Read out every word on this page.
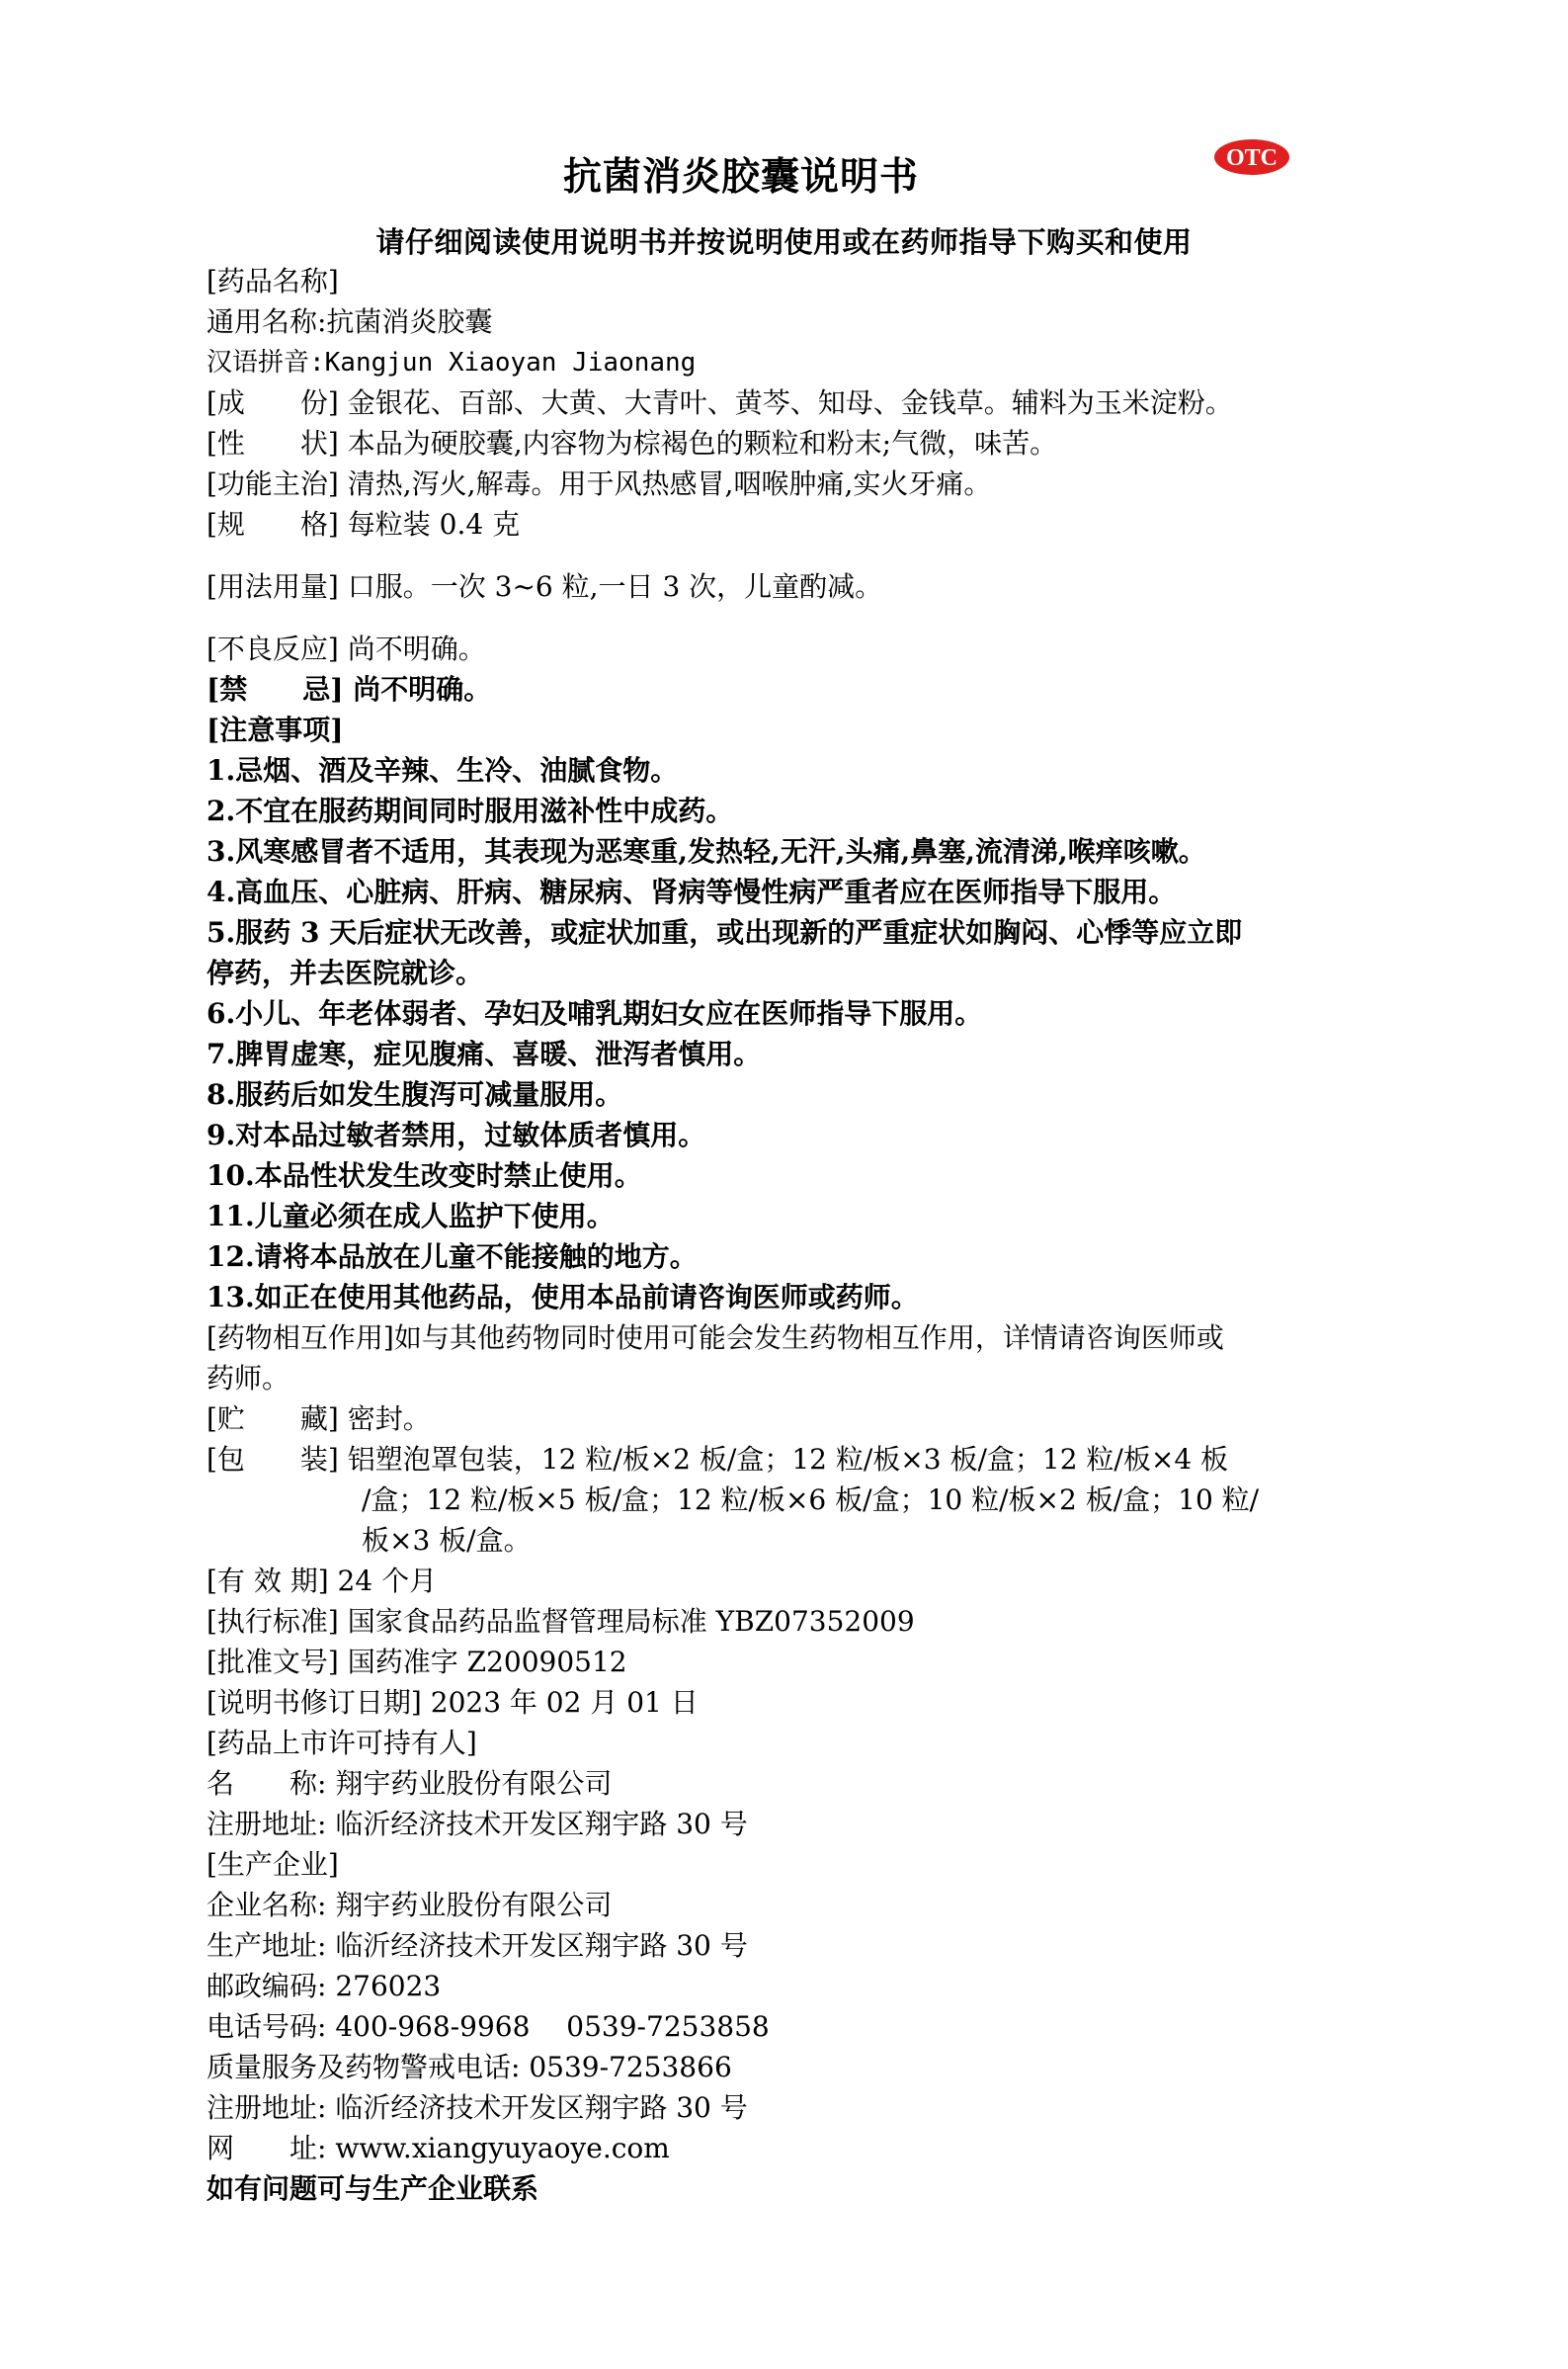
抗菌消炎胶囊说明书	OTC
请仔细阅读使用说明书并按说明使用或在药师指导下购买和使用
[药品名称]
通用名称:抗菌消炎胶囊
汉语拼音:Kangjun Xiaoyan Jiaonang
[成　　份] 金银花、百部、大黄、大青叶、黄芩、知母、金钱草。辅料为玉米淀粉。
[性　　状] 本品为硬胶囊,内容物为棕褐色的颗粒和粉末;气微，味苦。
[功能主治] 清热,泻火,解毒。用于风热感冒,咽喉肿痛,实火牙痛。
[规　　格] 每粒装 0.4 克
[用法用量] 口服。一次 3~6 粒,一日 3 次，儿童酌减。
[不良反应] 尚不明确。
[禁　　忌] 尚不明确。
[注意事项]
1.忌烟、酒及辛辣、生冷、油腻食物。
2.不宜在服药期间同时服用滋补性中成药。
3.风寒感冒者不适用，其表现为恶寒重,发热轻,无汗,头痛,鼻塞,流清涕,喉痒咳嗽。
4.高血压、心脏病、肝病、糖尿病、肾病等慢性病严重者应在医师指导下服用。
5.服药 3 天后症状无改善，或症状加重，或出现新的严重症状如胸闷、心悸等应立即
停药，并去医院就诊。
6.小儿、年老体弱者、孕妇及哺乳期妇女应在医师指导下服用。
7.脾胃虚寒，症见腹痛、喜暖、泄泻者慎用。
8.服药后如发生腹泻可减量服用。
9.对本品过敏者禁用，过敏体质者慎用。
10.本品性状发生改变时禁止使用。
11.儿童必须在成人监护下使用。
12.请将本品放在儿童不能接触的地方。
13.如正在使用其他药品，使用本品前请咨询医师或药师。
[药物相互作用]如与其他药物同时使用可能会发生药物相互作用，详情请咨询医师或
药师。
[贮　　藏] 密封。
[包　　装] 铝塑泡罩包装，12 粒/板×2 板/盒；12 粒/板×3 板/盒；12 粒/板×4 板
/盒；12 粒/板×5 板/盒；12 粒/板×6 板/盒；10 粒/板×2 板/盒；10 粒/
板×3 板/盒。
[有 效 期] 24 个月
[执行标准] 国家食品药品监督管理局标准 YBZ07352009
[批准文号] 国药准字 Z20090512
[说明书修订日期] 2023 年 02 月 01 日
[药品上市许可持有人]
名　　称: 翔宇药业股份有限公司
注册地址: 临沂经济技术开发区翔宇路 30 号
[生产企业]
企业名称: 翔宇药业股份有限公司
生产地址: 临沂经济技术开发区翔宇路 30 号
邮政编码: 276023
电话号码: 400-968-9968　 0539-7253858
质量服务及药物警戒电话: 0539-7253866
注册地址: 临沂经济技术开发区翔宇路 30 号
网　　址: www.xiangyuyaoye.com
如有问题可与生产企业联系
